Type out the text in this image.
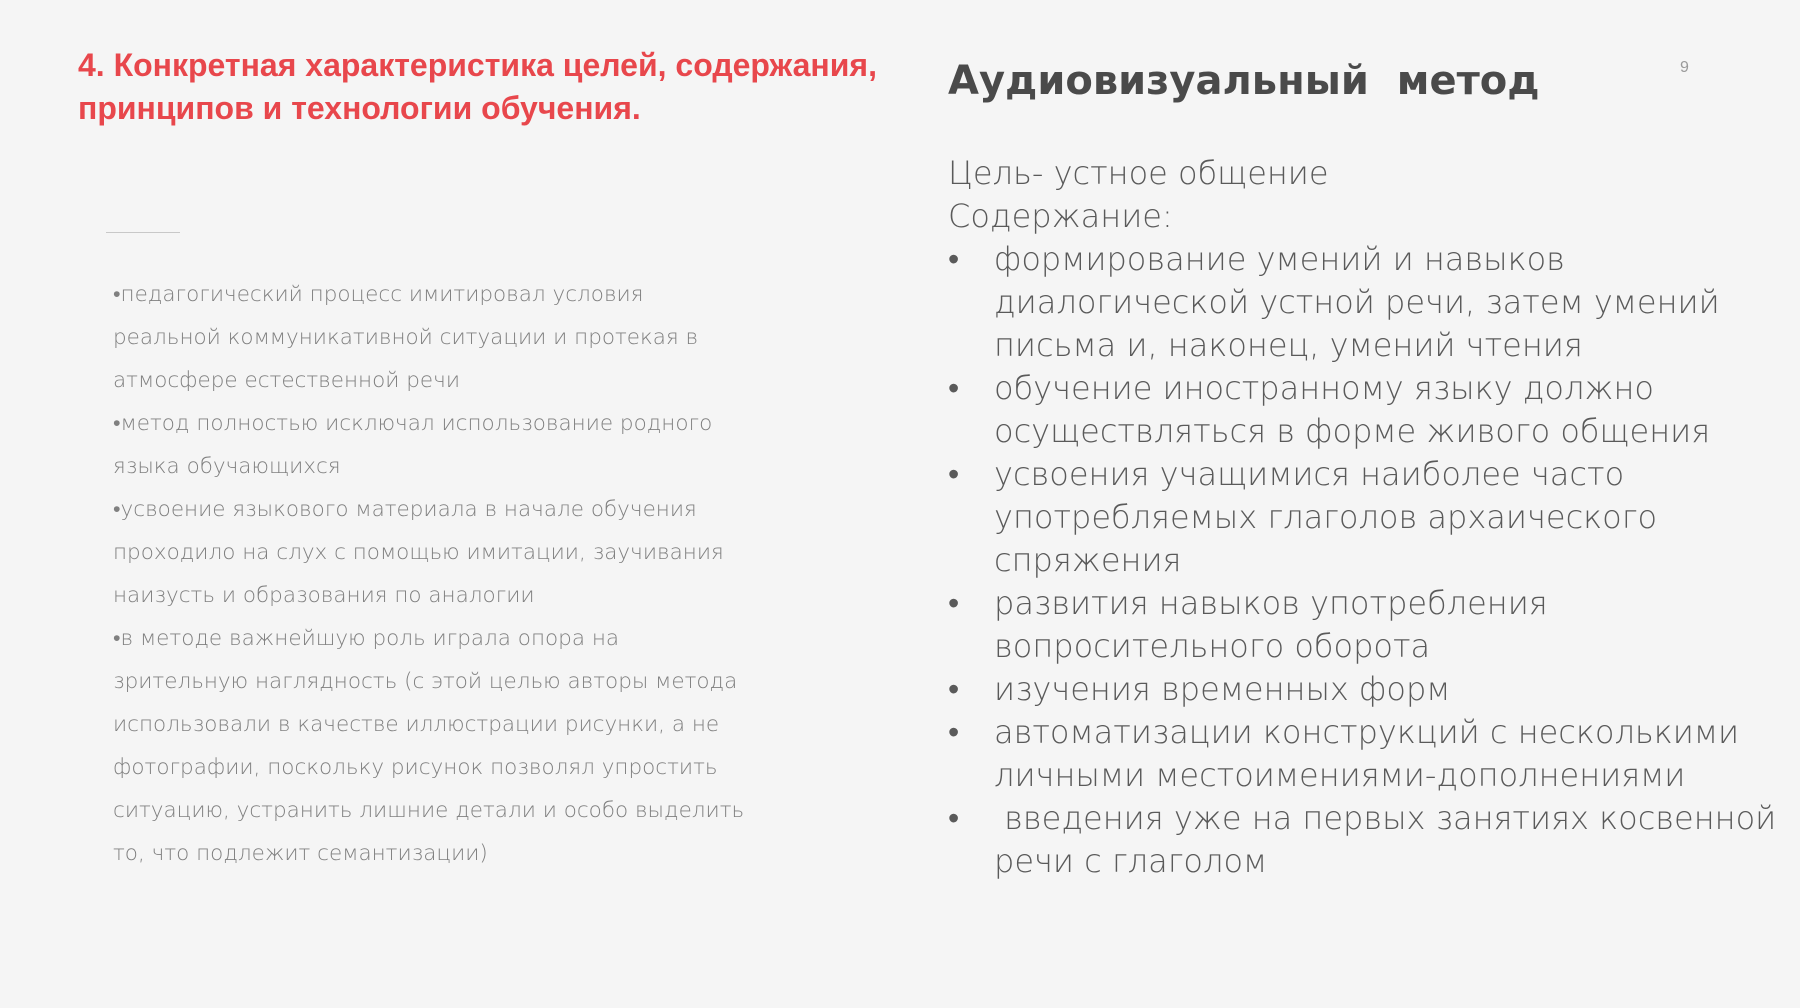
4. Конкретная характеристика целей, содержания, принципов и технологии обучения.

•педагогический процесс имитировал условия реальной коммуникативной ситуации и протекая в атмосфере естественной речи

•метод полностью исключал использование родного языка обучающихся

•усвоение языкового материала в начале обучения проходило на слух с помощью имитации, заучивания наизусть и образования по аналогии

•в методе важнейшую роль играла опора на зрительную наглядность (с этой целью авторы метода использовали в качестве иллюстрации рисунки, а не фотографии, поскольку рисунок позволял упростить ситуацию, устранить лишние детали и особо выделить то, что подлежит семантизации)

Аудиовизуальный  метод	9

Цель- устное общение

Содержание:

•	формирование умений и навыков диалогической устной речи, затем умений письма и, наконец, умений чтения
•	обучение иностранному языку должно осуществляться в форме живого общения
•	усвоения учащимися наиболее часто употребляемых глаголов архаического спряжения
•	развития навыков употребления вопросительного оборота
•	изучения временных форм
•	автоматизации конструкций с несколькими личными местоимениями-дополнениями
•	введения уже на первых занятиях косвенной речи с глаголом
